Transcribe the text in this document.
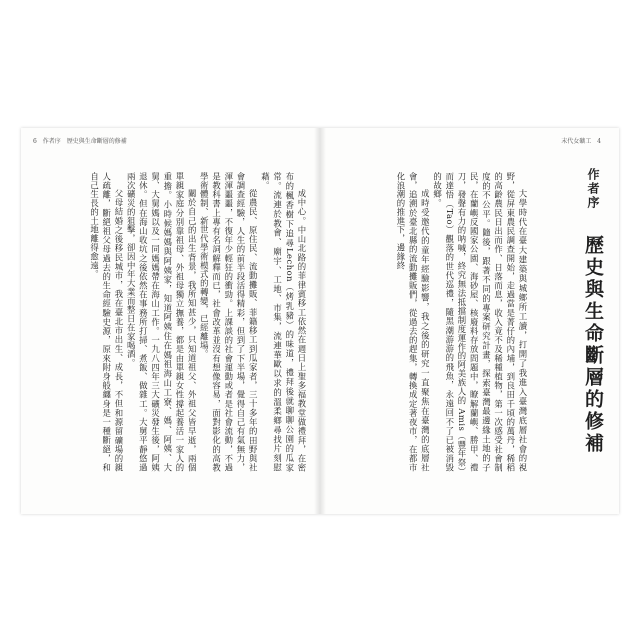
6 作者序 歷史與生命斷層的修補

成中心。中山北路的菲律賓移工依然在週日上聖多福教堂做禮拜，在密布的楓香樹下追尋Lechon（烤乳豬）的味道，禮拜後就聊聊公園的瓜家常。流連於教會、廟宇、工地、市集，流連華歐以求的溫柔鄉尋找片刻慰藉。

從農民、原住民、流動攤販、菲籍移工到瓜家者，三十多年的田野與社會調查經驗，人生的前半段活得精彩，但到了下半場，覺得自己有氣無力，渾渾噩噩，不復年少輕狂的衝勁。上課談的社會運動或者是社會流動，不過是教科書上專有名詞解釋而已，社會改革並沒有想像容易，面對影化的高教學術體制、新世代學術模式的轉變，已經離場。

關於自己的出生背景，我所知甚少，只知道祖父、外祖父皆早逝，兩個單親家庭分別靠祖母、外祖母獨立撫養，都是由單親女性撐起養活一家人的重擔。小時候媽媽與阿姨家，知道阿姨住在媽祖海山工寮、媽、阿姨、大舅、大舅媽以及一同媽媽帶在海山工作。一九八四年三大礦災發生後，阿姨退休。但在海山收坑之後依然在事務所打掃、煮飯、做雜工。大舅平靜悠過兩次礦災的狙擊，卻因中年大業而整日在家喝酒。

父母結婚之後移民城市，我在臺北市出生、成長，不但和源留礦場的親人疏離，斷絕祖父母過去的生命經驗史源，原來附身般纏身是一種斷絕，和自己生長的土地離得愈遠。

末代女礦工 4
作者序 歷史與生命斷層的修補

大學時代在臺大建築與城鄉所工讀，打開了我進入臺灣底層社會的視野，從屏東農民調查開始，走過當是菁仔的內埔，到良田千頃的萬丹，稀稻的高齡農民日出而作、日落而息，收入竟不及稀種植物，第一次感受社會制度的不公平。隨後，跟著不同的專案研究計畫，探索臺灣最邊緣土地的子民，在蘭嶼反國家公園、海砂屋、核廢料存放問題中，瞭解蘭嶼、勝甲、禮刀，發聲有力的呐喊，終究無法抵擋制度運作的阿美族人的 Amis（豐年祭）而達悟（Tao）觀落的世代巡禮，隨黑潮游游的飛魚，永遠回不了已被消毀的故鄉。

成時受邀代的童年經驗影響，我之後的研究一直聚焦在臺灣的底層社會，追溯於臺北縣的流動攤販們，從過去的趕集，轉換成定著夜市，在都市化浪潮的推進下，邊緣終
